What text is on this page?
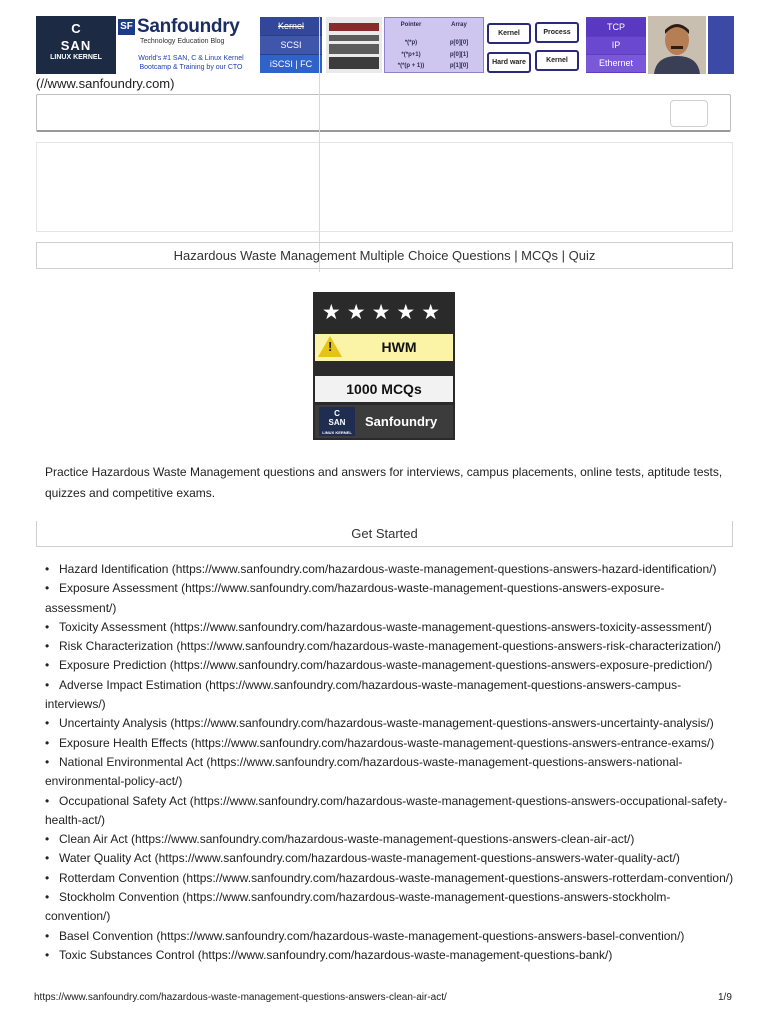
C
SAN
LINUX KERNEL
SF Sanfoundry
Technology Education Blog
World's #1 SAN, C & Linux Kernel
Bootcamp & Training by our CTO
Kernel
SCSI
iSCSI | FC
Pointer	Array
*(*p)	p[0][0]
*(*p+1)	p[0][1]
*(*(p + 1))	p[1][0]
Kernel	Process
Hard ware	Kernel
TCP
IP
Ethernet
(//www.sanfoundry.com)
Hazardous Waste Management Multiple Choice Questions | MCQs | Quiz
★★★★★
!	HWM
1000 MCQs
C
SAN
LINUX KERNEL
Sanfoundry
Practice Hazardous Waste Management questions and answers for interviews, campus placements, online tests, aptitude tests, quizzes and competitive exams.
Get Started
• Hazard Identification (https://www.sanfoundry.com/hazardous-waste-management-questions-answers-hazard-identification/)
• Exposure Assessment (https://www.sanfoundry.com/hazardous-waste-management-questions-answers-exposure-assessment/)
• Toxicity Assessment (https://www.sanfoundry.com/hazardous-waste-management-questions-answers-toxicity-assessment/)
• Risk Characterization (https://www.sanfoundry.com/hazardous-waste-management-questions-answers-risk-characterization/)
• Exposure Prediction (https://www.sanfoundry.com/hazardous-waste-management-questions-answers-exposure-prediction/)
• Adverse Impact Estimation (https://www.sanfoundry.com/hazardous-waste-management-questions-answers-campus-interviews/)
• Uncertainty Analysis (https://www.sanfoundry.com/hazardous-waste-management-questions-answers-uncertainty-analysis/)
• Exposure Health Effects (https://www.sanfoundry.com/hazardous-waste-management-questions-answers-entrance-exams/)
• National Environmental Act (https://www.sanfoundry.com/hazardous-waste-management-questions-answers-national-environmental-policy-act/)
• Occupational Safety Act (https://www.sanfoundry.com/hazardous-waste-management-questions-answers-occupational-safety-health-act/)
• Clean Air Act (https://www.sanfoundry.com/hazardous-waste-management-questions-answers-clean-air-act/)
• Water Quality Act (https://www.sanfoundry.com/hazardous-waste-management-questions-answers-water-quality-act/)
• Rotterdam Convention (https://www.sanfoundry.com/hazardous-waste-management-questions-answers-rotterdam-convention/)
• Stockholm Convention (https://www.sanfoundry.com/hazardous-waste-management-questions-answers-stockholm-convention/)
• Basel Convention (https://www.sanfoundry.com/hazardous-waste-management-questions-answers-basel-convention/)
• Toxic Substances Control (https://www.sanfoundry.com/hazardous-waste-management-questions-bank/)
https://www.sanfoundry.com/hazardous-waste-management-questions-answers-clean-air-act/	1/9
